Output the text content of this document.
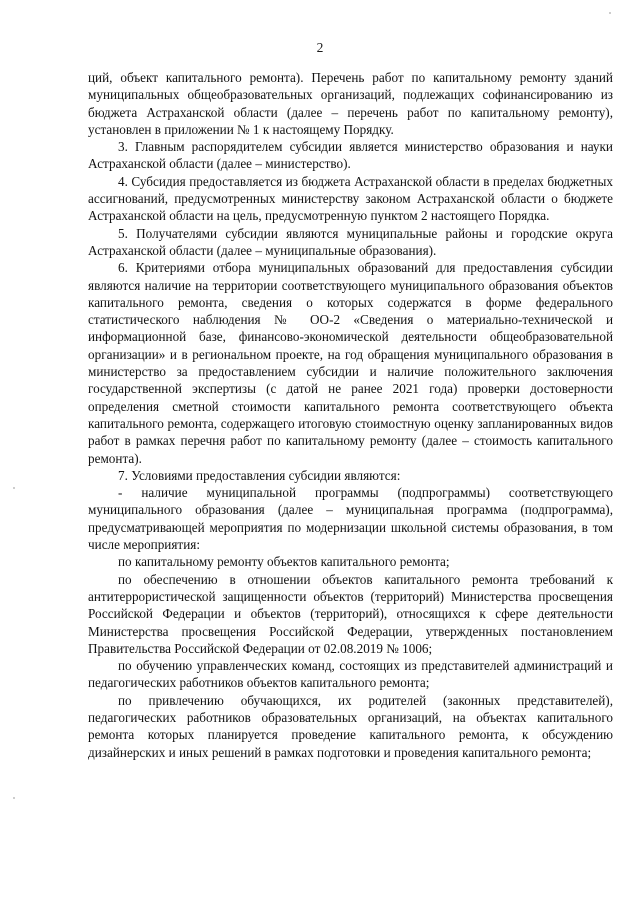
2

ций, объект капитального ремонта). Перечень работ по капитальному ремонту зданий муниципальных общеобразовательных организаций, подлежащих софинансированию из бюджета Астраханской области (далее – перечень работ по капитальному ремонту), установлен в приложении № 1 к настоящему Порядку.

3. Главным распорядителем субсидии является министерство образования и науки Астраханской области (далее – министерство).

4. Субсидия предоставляется из бюджета Астраханской области в пределах бюджетных ассигнований, предусмотренных министерству законом Астраханской области о бюджете Астраханской области на цель, предусмотренную пунктом 2 настоящего Порядка.

5. Получателями субсидии являются муниципальные районы и городские округа Астраханской области (далее – муниципальные образования).

6. Критериями отбора муниципальных образований для предоставления субсидии являются наличие на территории соответствующего муниципального образования объектов капитального ремонта, сведения о которых содержатся в форме федерального статистического наблюдения № ОО-2 «Сведения о материально-технической и информационной базе, финансово-экономической деятельности общеобразовательной организации» и в региональном проекте, на год обращения муниципального образования в министерство за предоставлением субсидии и наличие положительного заключения государственной экспертизы (с датой не ранее 2021 года) проверки достоверности определения сметной стоимости капитального ремонта соответствующего объекта капитального ремонта, содержащего итоговую стоимостную оценку запланированных видов работ в рамках перечня работ по капитальному ремонту (далее – стоимость капитального ремонта).

7. Условиями предоставления субсидии являются:

- наличие муниципальной программы (подпрограммы) соответствующего муниципального образования (далее – муниципальная программа (подпрограмма), предусматривающей мероприятия по модернизации школьной системы образования, в том числе мероприятия:

по капитальному ремонту объектов капитального ремонта;

по обеспечению в отношении объектов капитального ремонта требований к антитеррористической защищенности объектов (территорий) Министерства просвещения Российской Федерации и объектов (территорий), относящихся к сфере деятельности Министерства просвещения Российской Федерации, утвержденных постановлением Правительства Российской Федерации от 02.08.2019 № 1006;

по обучению управленческих команд, состоящих из представителей администраций и педагогических работников объектов капитального ремонта;

по привлечению обучающихся, их родителей (законных представителей), педагогических работников образовательных организаций, на объектах капитального ремонта которых планируется проведение капитального ремонта, к обсуждению дизайнерских и иных решений в рамках подготовки и проведения капитального ремонта;
